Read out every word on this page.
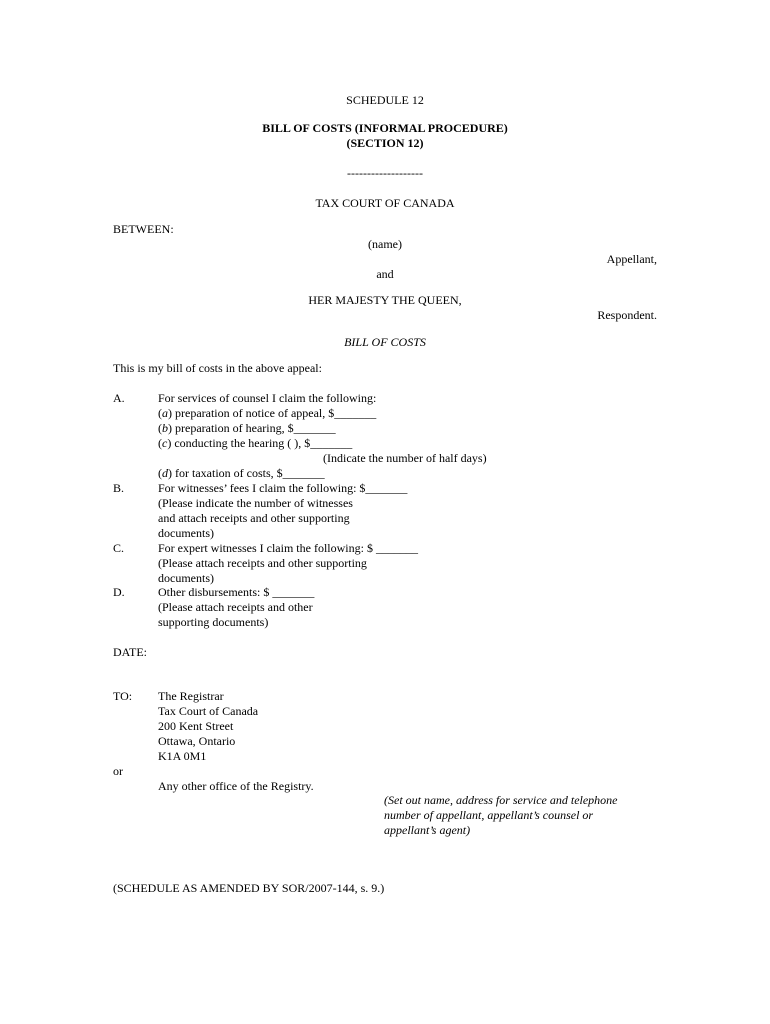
SCHEDULE 12
BILL OF COSTS (INFORMAL PROCEDURE)
(SECTION 12)
-------------------
TAX COURT OF CANADA
BETWEEN:
(name)
Appellant,
and
HER MAJESTY THE QUEEN,
Respondent.
BILL OF COSTS
This is my bill of costs in the above appeal:
A.	For services of counsel I claim the following:
(a) preparation of notice of appeal, $_______
(b) preparation of hearing, $_______
(c) conducting the hearing ( ), $_______
(Indicate the number of half days)
(d) for taxation of costs, $_______
B.	For witnesses’ fees I claim the following: $_______
(Please indicate the number of witnesses
and attach receipts and other supporting
documents)
C.	For expert witnesses I claim the following: $ _______
(Please attach receipts and other supporting
documents)
D.	Other disbursements: $ _______
(Please attach receipts and other
supporting documents)
DATE:
TO: The Registrar
Tax Court of Canada
200 Kent Street
Ottawa, Ontario
K1A 0M1
or
Any other office of the Registry.
(Set out name, address for service and telephone
number of appellant, appellant’s counsel or
appellant’s agent)
(SCHEDULE AS AMENDED BY SOR/2007-144, s. 9.)
